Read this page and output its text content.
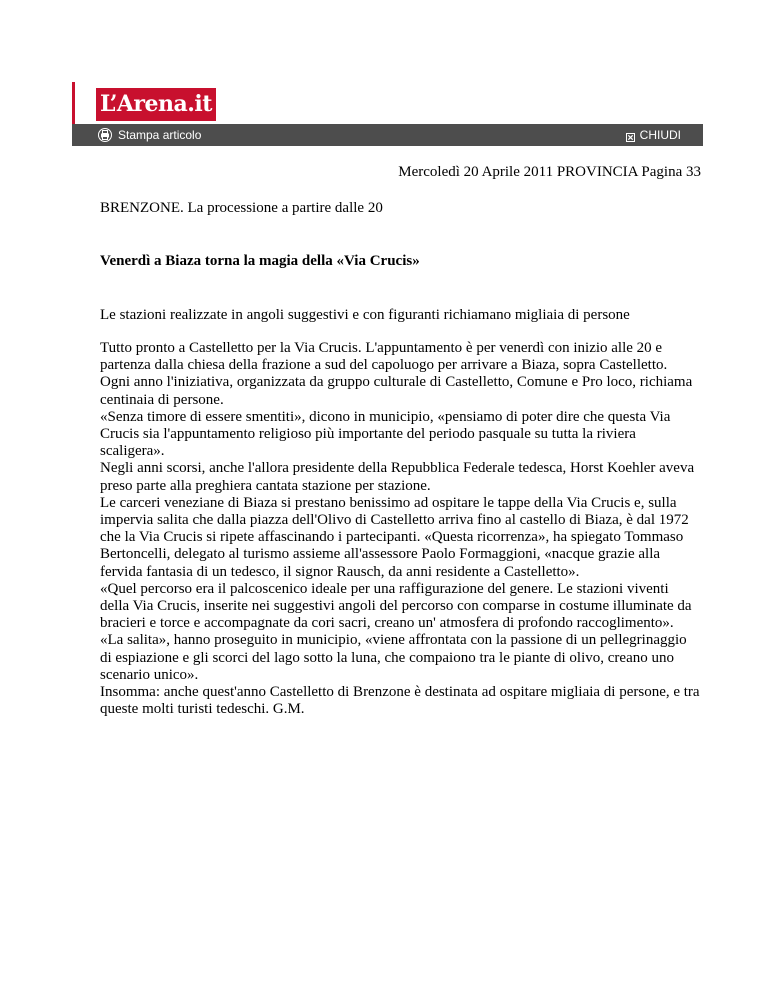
L’Arena.it
Stampa articolo	CHIUDI
Mercoledì 20 Aprile 2011 PROVINCIA Pagina 33
BRENZONE. La processione a partire dalle 20
Venerdì a Biaza torna la magia della «Via Crucis»
Le stazioni realizzate in angoli suggestivi e con figuranti richiamano migliaia di persone

Tutto pronto a Castelletto per la Via Crucis. L'appuntamento è per venerdì con inizio alle 20 e partenza dalla chiesa della frazione a sud del capoluogo per arrivare a Biaza, sopra Castelletto.

Ogni anno l'iniziativa, organizzata da gruppo culturale di Castelletto, Comune e Pro loco, richiama centinaia di persone.

«Senza timore di essere smentiti», dicono in municipio, «pensiamo di poter dire che questa Via Crucis sia l'appuntamento religioso più importante del periodo pasquale su tutta la riviera scaligera».

Negli anni scorsi, anche l'allora presidente della Repubblica Federale tedesca, Horst Koehler aveva preso parte alla preghiera cantata stazione per stazione.

Le carceri veneziane di Biaza si prestano benissimo ad ospitare le tappe della Via Crucis e, sulla impervia salita che dalla piazza dell'Olivo di Castelletto arriva fino al castello di Biaza, è dal 1972 che la Via Crucis si ripete affascinando i partecipanti. «Questa ricorrenza», ha spiegato Tommaso Bertoncelli, delegato al turismo assieme all'assessore Paolo Formaggioni, «nacque grazie alla fervida fantasia di un tedesco, il signor Rausch, da anni residente a Castelletto».

«Quel percorso era il palcoscenico ideale per una raffigurazione del genere. Le stazioni viventi della Via Crucis, inserite nei suggestivi angoli del percorso con comparse in costume illuminate da bracieri e torce e accompagnate da cori sacri, creano un' atmosfera di profondo raccoglimento».

«La salita», hanno proseguito in municipio, «viene affrontata con la passione di un pellegrinaggio di espiazione e gli scorci del lago sotto la luna, che compaiono tra le piante di olivo, creano uno scenario unico».

Insomma: anche quest'anno Castelletto di Brenzone è destinata ad ospitare migliaia di persone, e tra queste molti turisti tedeschi. G.M.
